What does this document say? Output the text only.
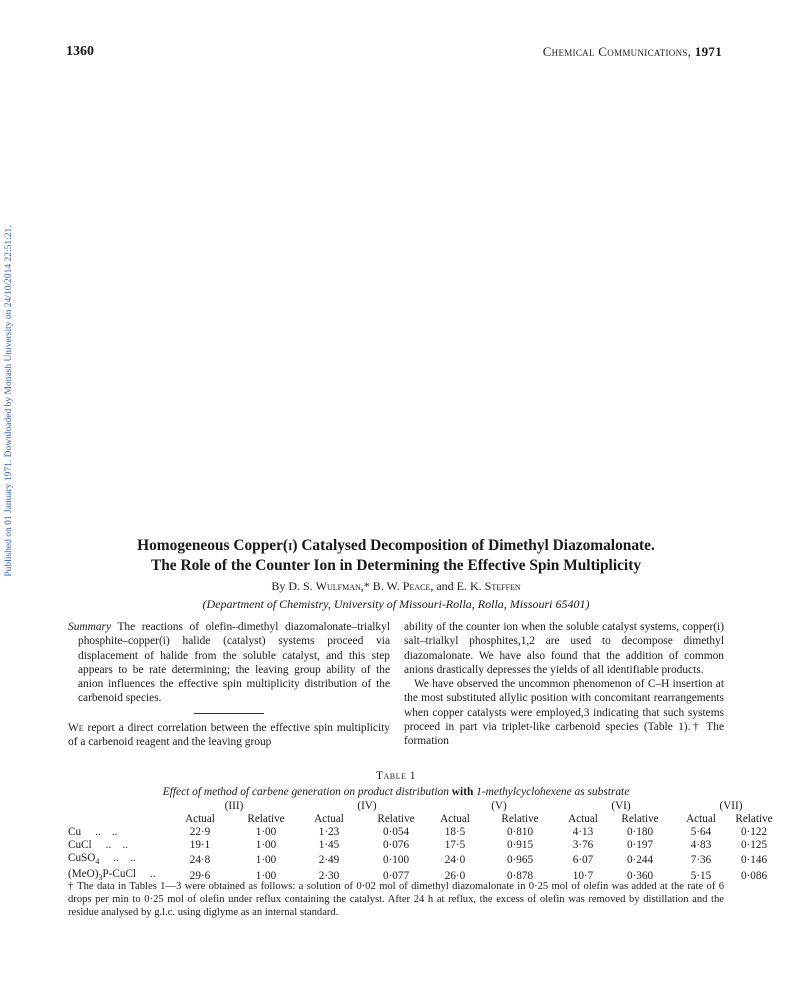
1360	Chemical Communications, 1971
Published on 01 January 1971. Downloaded by Monash University on 24/10/2014 22:51:21.	Homogeneous Copper(i) Catalysed Decomposition of Dimethyl Diazomalonate.
The Role of the Counter Ion in Determining the Effective Spin Multiplicity
By D. S. Wulfman,* B. W. Peace, and E. K. Steffen
(Department of Chemistry, University of Missouri-Rolla, Rolla, Missouri 65401)

Summary The reactions of olefin–dimethyl diazomalonate–trialkyl phosphite–copper(i) halide (catalyst) systems proceed via displacement of halide from the soluble catalyst, and this step appears to be rate determining; the leaving group ability of the anion influences the effective spin multiplicity distribution of the carbenoid species.

We report a direct correlation between the effective spin multiplicity of a carbenoid reagent and the leaving group

ability of the counter ion when the soluble catalyst systems, copper(i) salt–trialkyl phosphites,1,2 are used to decompose dimethyl diazomalonate. We have also found that the addition of common anions drastically depresses the yields of all identifiable products.

We have observed the uncommon phenomenon of C–H insertion at the most substituted allylic position with concomitant rearrangements when copper catalysts were employed,3 indicating that such systems proceed in part via triplet-like carbenoid species (Table 1).† The formation

Table 1
Effect of method of carbene generation on product distribution with 1-methylcyclohexene as substrate
	(III)		(IV)		(V)		(VI)		(VII)	
	Actual	Relative	Actual	Relative	Actual	Relative	Actual	Relative	Actual	Relative
Cu ..    ..	22·9	1·00	1·23	0·054	18·5	0·810	4·13	0·180	5·64	0·122
CuCl ..    ..	19·1	1·00	1·45	0·076	17·5	0·915	3·76	0·197	4·83	0·125
CuSO$_4$ ..    ..	24·8	1·00	2·49	0·100	24·0	0·965	6·07	0·244	7·36	0·146
$(MeO)_3P$-CuCl ..	29·6	1·00	2·30	0·077	26·0	0·878	10·7	0·360	5·15	0·086
† The data in Tables 1—3 were obtained as follows: a solution of 0·02 mol of dimethyl diazomalonate in 0·25 mol of olefin was added at the rate of 6 drops per min to 0·25 mol of olefin under reflux containing the catalyst. After 24 h at reflux, the excess of olefin was removed by distillation and the residue analysed by g.l.c. using diglyme as an internal standard.
